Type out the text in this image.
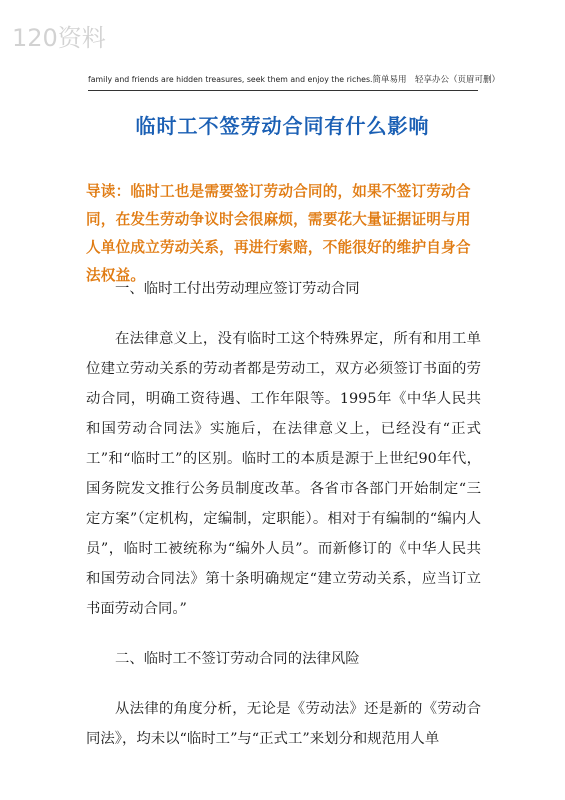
120资料
family and friends are hidden treasures, seek them and enjoy the riches.简单易用　轻享办公（页眉可删）
临时工不签劳动合同有什么影响
导读：临时工也是需要签订劳动合同的，如果不签订劳动合同，在发生劳动争议时会很麻烦，需要花大量证据证明与用人单位成立劳动关系，再进行索赔，不能很好的维护自身合法权益。

一、临时工付出劳动理应签订劳动合同

在法律意义上，没有临时工这个特殊界定，所有和用工单位建立劳动关系的劳动者都是劳动工，双方必须签订书面的劳动合同，明确工资待遇、工作年限等。1995年《中华人民共和国劳动合同法》实施后，在法律意义上，已经没有“正式工”和“临时工”的区别。临时工的本质是源于上世纪90年代，国务院发文推行公务员制度改革。各省市各部门开始制定“三定方案”（定机构，定编制，定职能）。相对于有编制的“编内人员”，临时工被统称为“编外人员”。而新修订的《中华人民共和国劳动合同法》第十条明确规定“建立劳动关系，应当订立书面劳动合同。”

二、临时工不签订劳动合同的法律风险

从法律的角度分析，无论是《劳动法》还是新的《劳动合同法》，均未以“临时工”与“正式工”来划分和规范用人单
